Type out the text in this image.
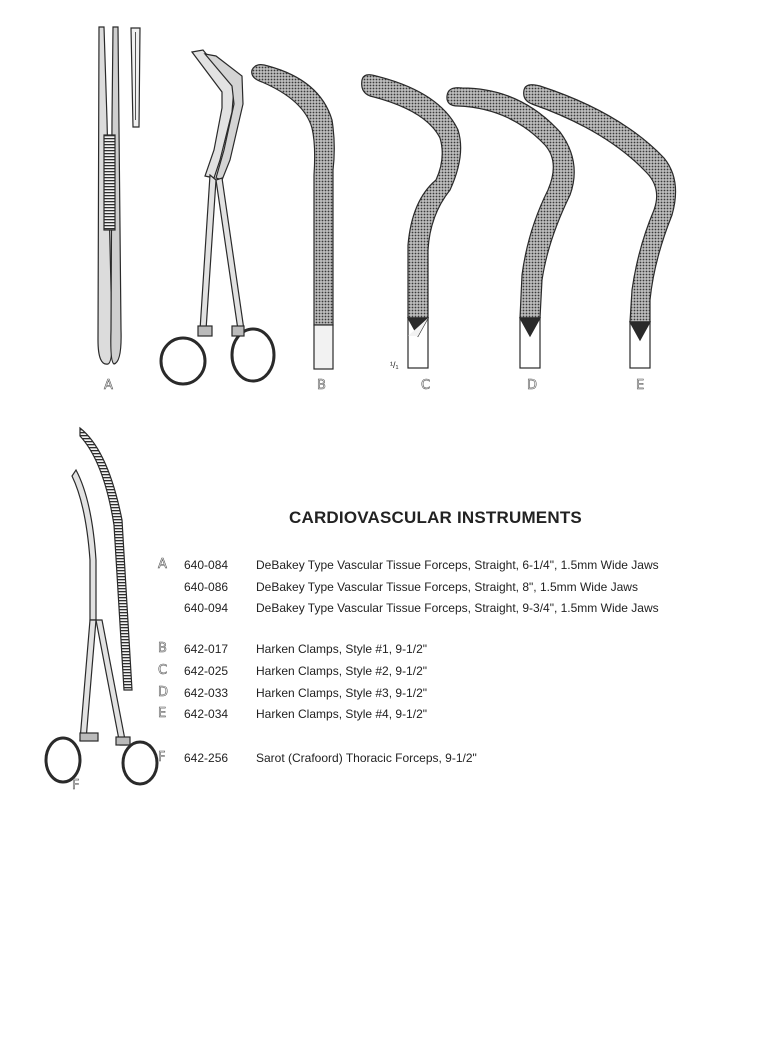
A	B	C	D	E
F
¹/₁
CARDIOVASCULAR INSTRUMENTS
A	640-084 DeBakey Type Vascular Tissue Forceps, Straight, 6-1/4", 1.5mm Wide Jaws
640-086 DeBakey Type Vascular Tissue Forceps, Straight, 8", 1.5mm Wide Jaws
640-094 DeBakey Type Vascular Tissue Forceps, Straight, 9-3/4", 1.5mm Wide Jaws
B	642-017 Harken Clamps, Style #1, 9-1/2"
C	642-025 Harken Clamps, Style #2, 9-1/2"
D	642-033 Harken Clamps, Style #3, 9-1/2"
E	642-034 Harken Clamps, Style #4, 9-1/2"
F	642-256 Sarot (Crafoord) Thoracic Forceps, 9-1/2"
